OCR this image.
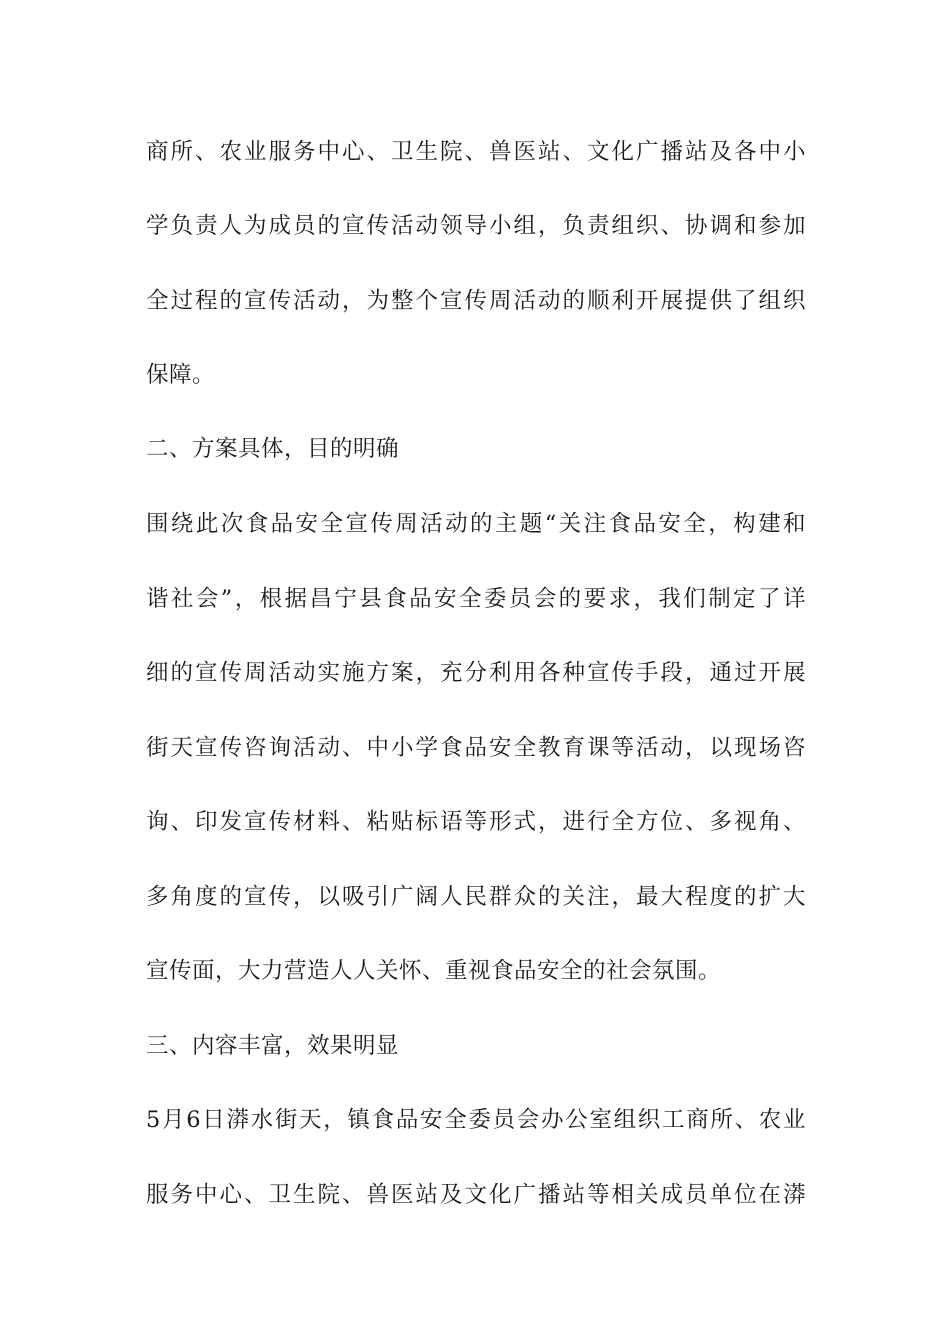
商所、农业服务中心、卫生院、兽医站、文化广播站及各中小
学负责人为成员的宣传活动领导小组，负责组织、协调和参加
全过程的宣传活动，为整个宣传周活动的顺利开展提供了组织
保障。
二、方案具体，目的明确
围绕此次食品安全宣传周活动的主题“关注食品安全，构建和
谐社会”，根据昌宁县食品安全委员会的要求，我们制定了详
细的宣传周活动实施方案，充分利用各种宣传手段，通过开展
街天宣传咨询活动、中小学食品安全教育课等活动，以现场咨
询、印发宣传材料、粘贴标语等形式，进行全方位、多视角、
多角度的宣传，以吸引广阔人民群众的关注，最大程度的扩大
宣传面，大力营造人人关怀、重视食品安全的社会氛围。
三、内容丰富，效果明显
5月6日漭水街天，镇食品安全委员会办公室组织工商所、农业
服务中心、卫生院、兽医站及文化广播站等相关成员单位在漭
